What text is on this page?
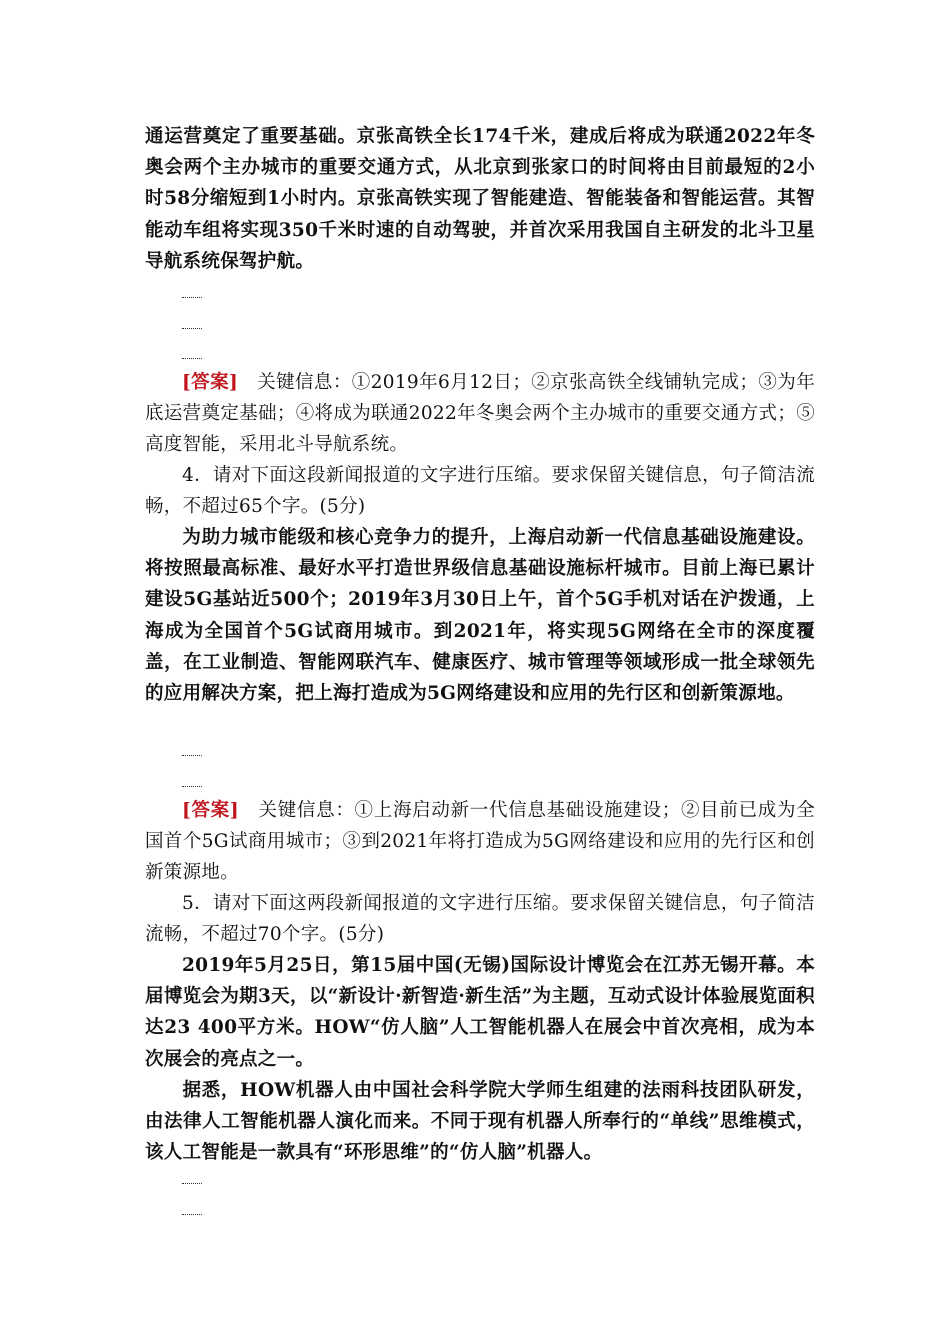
通运营奠定了重要基础。京张高铁全长174千米，建成后将成为联通2022年冬奥会两个主办城市的重要交通方式，从北京到张家口的时间将由目前最短的2小时58分缩短到1小时内。京张高铁实现了智能建造、智能装备和智能运营。其智能动车组将实现350千米时速的自动驾驶，并首次采用我国自主研发的北斗卫星导航系统保驾护航。

[答案]　 关键信息：①2019年6月12日；②京张高铁全线铺轨完成；③为年底运营奠定基础；④将成为联通2022年冬奥会两个主办城市的重要交通方式；⑤高度智能，采用北斗导航系统。

4．请对下面这段新闻报道的文字进行压缩。要求保留关键信息，句子简洁流畅，不超过65个字。(5分)

为助力城市能级和核心竞争力的提升，上海启动新一代信息基础设施建设。将按照最高标准、最好水平打造世界级信息基础设施标杆城市。目前上海已累计建设5G基站近500个；2019年3月30日上午，首个5G手机对话在沪拨通，上海成为全国首个5G试商用城市。到2021年，将实现5G网络在全市的深度覆盖，在工业制造、智能网联汽车、健康医疗、城市管理等领域形成一批全球领先的应用解决方案，把上海打造成为5G网络建设和应用的先行区和创新策源地。

[答案]　 关键信息：①上海启动新一代信息基础设施建设；②目前已成为全国首个5G试商用城市；③到2021年将打造成为5G网络建设和应用的先行区和创新策源地。

5．请对下面这两段新闻报道的文字进行压缩。要求保留关键信息，句子简洁流畅，不超过70个字。(5分)

2019年5月25日，第15届中国(无锡)国际设计博览会在江苏无锡开幕。本届博览会为期3天，以“新设计·新智造·新生活”为主题，互动式设计体验展览面积达23 400平方米。HOW“仿人脑”人工智能机器人在展会中首次亮相，成为本次展会的亮点之一。

据悉，HOW机器人由中国社会科学院大学师生组建的法雨科技团队研发，由法律人工智能机器人演化而来。不同于现有机器人所奉行的“单线”思维模式，该人工智能是一款具有“环形思维”的“仿人脑”机器人。
